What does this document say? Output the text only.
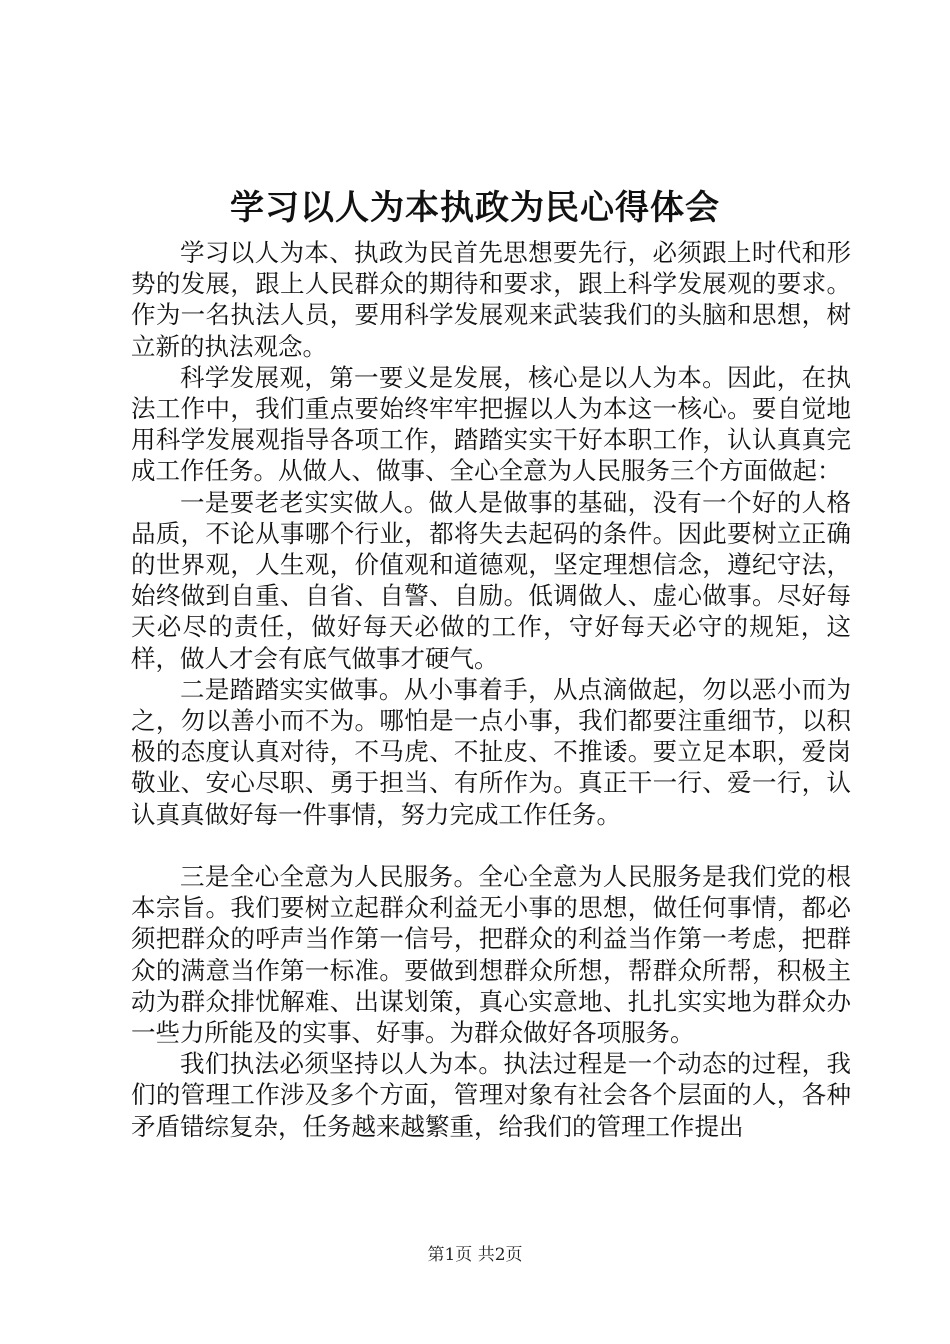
学习以人为本执政为民心得体会

学习以人为本、执政为民首先思想要先行，必须跟上时代和形势的发展，跟上人民群众的期待和要求，跟上科学发展观的要求。作为一名执法人员，要用科学发展观来武装我们的头脑和思想，树立新的执法观念。

科学发展观，第一要义是发展，核心是以人为本。因此，在执法工作中，我们重点要始终牢牢把握以人为本这一核心。要自觉地用科学发展观指导各项工作，踏踏实实干好本职工作，认认真真完成工作任务。从做人、做事、全心全意为人民服务三个方面做起：

一是要老老实实做人。做人是做事的基础，没有一个好的人格品质，不论从事哪个行业，都将失去起码的条件。因此要树立正确的世界观，人生观，价值观和道德观，坚定理想信念，遵纪守法，始终做到自重、自省、自警、自励。低调做人、虚心做事。尽好每天必尽的责任，做好每天必做的工作，守好每天必守的规矩，这样，做人才会有底气做事才硬气。

二是踏踏实实做事。从小事着手，从点滴做起，勿以恶小而为之，勿以善小而不为。哪怕是一点小事，我们都要注重细节，以积极的态度认真对待，不马虎、不扯皮、不推诿。要立足本职，爱岗敬业、安心尽职、勇于担当、有所作为。真正干一行、爱一行，认认真真做好每一件事情，努力完成工作任务。

三是全心全意为人民服务。全心全意为人民服务是我们党的根本宗旨。我们要树立起群众利益无小事的思想，做任何事情，都必须把群众的呼声当作第一信号，把群众的利益当作第一考虑，把群众的满意当作第一标准。要做到想群众所想，帮群众所帮，积极主动为群众排忧解难、出谋划策，真心实意地、扎扎实实地为群众办一些力所能及的实事、好事。为群众做好各项服务。

我们执法必须坚持以人为本。执法过程是一个动态的过程，我们的管理工作涉及多个方面，管理对象有社会各个层面的人，各种矛盾错综复杂，任务越来越繁重，给我们的管理工作提出

第1页 共2页
